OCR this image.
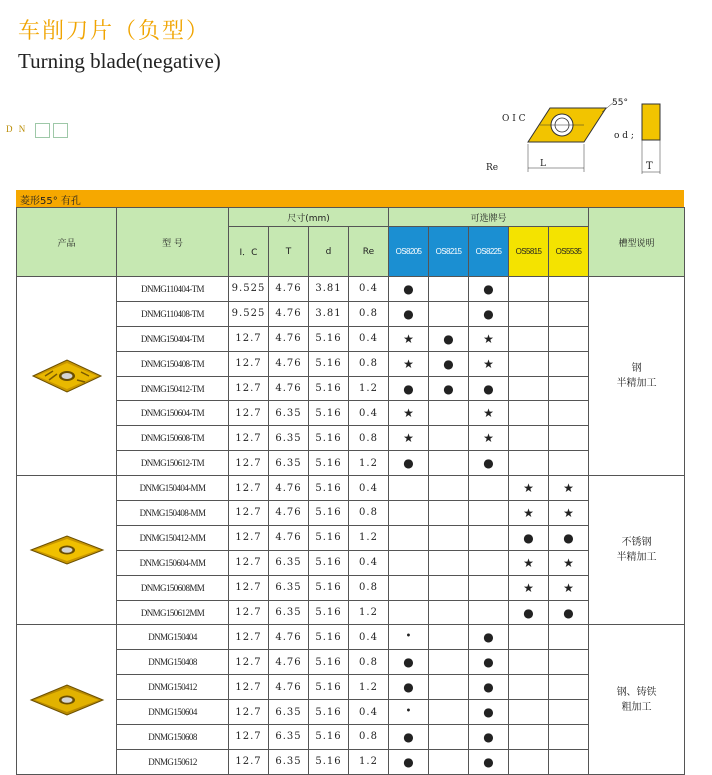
车削刀片（负型）
Turning blade(negative)
D N
55°
O I C
o d ;
Re	L	T
菱形55° 有孔
产品	型 号	尺寸(mm)				可选牌号					槽型说明
		I．C	T	d	Re	OS8205	OS8215	OS8225	OS5815	OS5535	

	DNMG110404-TM	9.525	4.76	3.81	0.4	●		●			钢
半精加工
	DNMG110408-TM	9.525	4.76	3.81	0.8	●		●			
	DNMG150404-TM	12.7	4.76	5.16	0.4	★	●	★			
	DNMG150408-TM	12.7	4.76	5.16	0.8	★	●	★			
	DNMG150412-TM	12.7	4.76	5.16	1.2	●	●	●			
	DNMG150604-TM	12.7	6.35	5.16	0.4	★		★			
	DNMG150608-TM	12.7	6.35	5.16	0.8	★		★			
	DNMG150612-TM	12.7	6.35	5.16	1.2	●		●			

	DNMG150404-MM	12.7	4.76	5.16	0.4				★	★	不锈钢
半精加工
	DNMG150408-MM	12.7	4.76	5.16	0.8				★	★	
	DNMG150412-MM	12.7	4.76	5.16	1.2				●	●	
	DNMG150604-MM	12.7	6.35	5.16	0.4				★	★	
	DNMG150608MM	12.7	6.35	5.16	0.8				★	★	
	DNMG150612MM	12.7	6.35	5.16	1.2				●	●	

	DNMG150404	12.7	4.76	5.16	0.4	•		●			钢、铸铁
粗加工
	DNMG150408	12.7	4.76	5.16	0.8	●		●			
	DNMG150412	12.7	4.76	5.16	1.2	●		●			
	DNMG150604	12.7	6.35	5.16	0.4	•		●			
	DNMG150608	12.7	6.35	5.16	0.8	●		●			
	DNMG150612	12.7	6.35	5.16	1.2	●		●			
